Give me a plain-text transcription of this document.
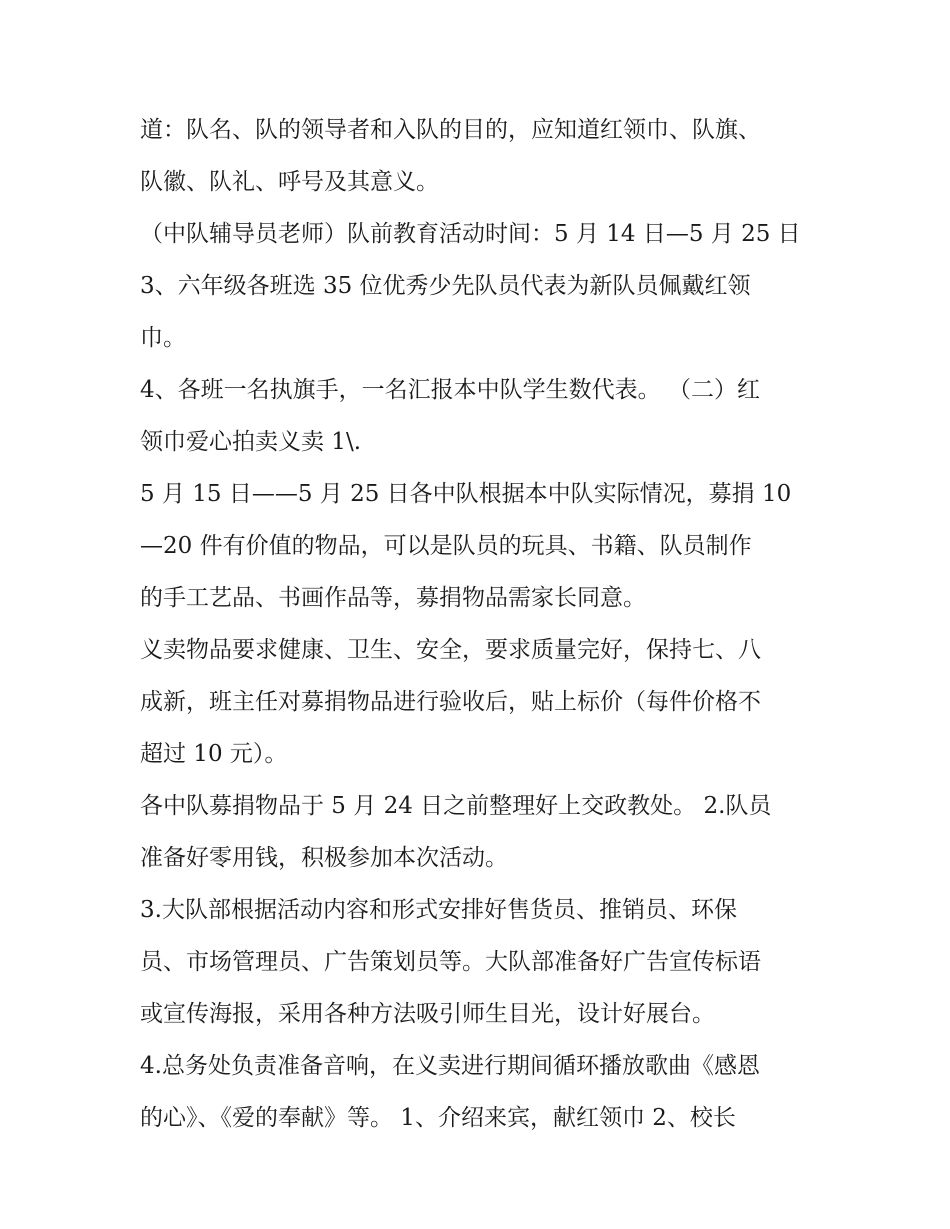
道：队名、队的领导者和入队的目的，应知道红领巾、队旗、
队徽、队礼、呼号及其意义。
（中队辅导员老师）队前教育活动时间：5 月 14 日—5 月 25 日
3、六年级各班选 35 位优秀少先队员代表为新队员佩戴红领
巾。
4、各班一名执旗手，一名汇报本中队学生数代表。 （二）红
领巾爱心拍卖义卖 1\.
5 月 15 日——5 月 25 日各中队根据本中队实际情况，募捐 10
—20 件有价值的物品，可以是队员的玩具、书籍、队员制作
的手工艺品、书画作品等，募捐物品需家长同意。
义卖物品要求健康、卫生、安全，要求质量完好，保持七、八
成新，班主任对募捐物品进行验收后，贴上标价（每件价格不
超过 10 元）。
各中队募捐物品于 5 月 24 日之前整理好上交政教处。 2.队员
准备好零用钱，积极参加本次活动。
3.大队部根据活动内容和形式安排好售货员、推销员、环保
员、市场管理员、广告策划员等。大队部准备好广告宣传标语
或宣传海报，采用各种方法吸引师生目光，设计好展台。
4.总务处负责准备音响，在义卖进行期间循环播放歌曲《感恩
的心》、《爱的奉献》等。 1、介绍来宾，献红领巾 2、校长
